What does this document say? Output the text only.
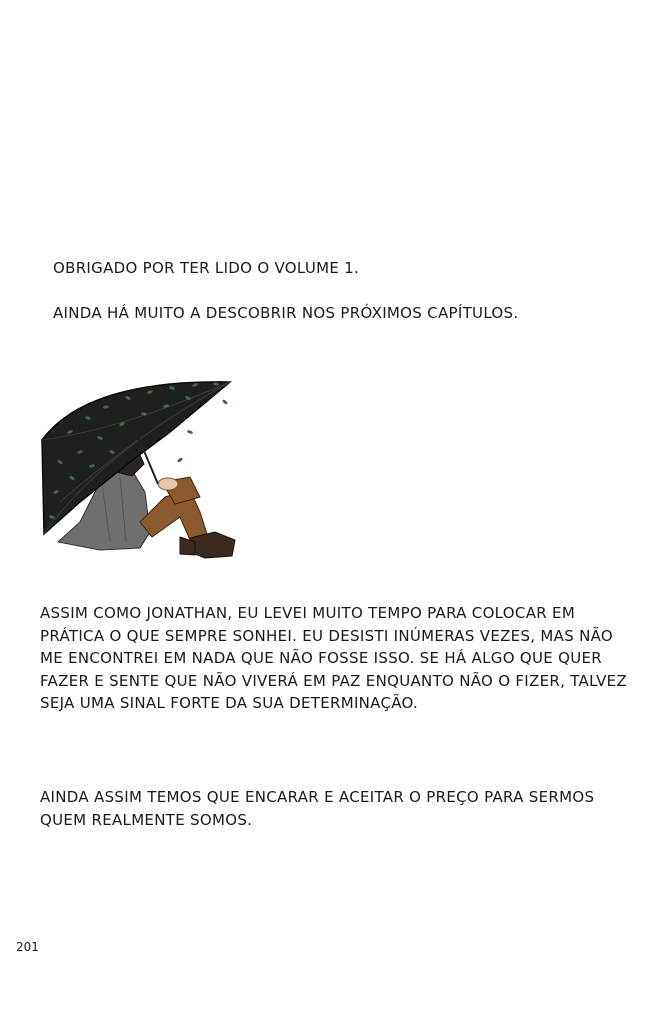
OBRIGADO POR TER LIDO O VOLUME 1.

AINDA HÁ MUITO A DESCOBRIR NOS PRÓXIMOS CAPÍTULOS.

ASSIM COMO JONATHAN, EU LEVEI MUITO TEMPO PARA COLOCAR EM
PRÁTICA O QUE SEMPRE SONHEI. EU DESISTI INÚMERAS VEZES, MAS NÃO
ME ENCONTREI EM NADA QUE NÃO FOSSE ISSO. SE HÁ ALGO QUE QUER
FAZER E SENTE QUE NÃO VIVERÁ EM PAZ ENQUANTO NÃO O FIZER, TALVEZ
SEJA UMA SINAL FORTE DA SUA DETERMINAÇÃO.
AINDA ASSIM TEMOS QUE ENCARAR E ACEITAR O PREÇO PARA SERMOS
QUEM REALMENTE SOMOS.
201
